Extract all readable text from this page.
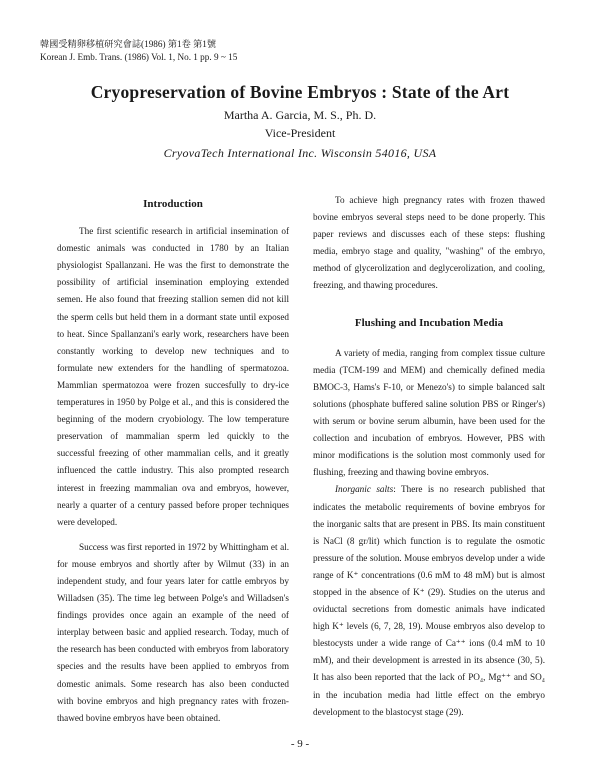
韓國受精卵移植研究會誌(1986) 第1卷 第1號
Korean J. Emb. Trans. (1986) Vol. 1, No. 1 pp. 9 ~ 15
Cryopreservation of Bovine Embryos : State of the Art
Martha A. Garcia, M. S., Ph. D.
Vice-President
CryovaTech International Inc. Wisconsin 54016, USA
Introduction

The first scientific research in artificial insemination of domestic animals was conducted in 1780 by an Italian physiologist Spallanzani. He was the first to demonstrate the possibility of artificial insemination employing extended semen. He also found that freezing stallion semen did not kill the sperm cells but held them in a dormant state until exposed to heat. Since Spallanzani's early work, researchers have been constantly working to develop new techniques and to formulate new extenders for the handling of spermatozoa. Mammlian spermatozoa were frozen succesfully to dry-ice temperatures in 1950 by Polge et al., and this is considered the beginning of the modern cryobiology. The low temperature preservation of mammalian sperm led quickly to the successful freezing of other mammalian cells, and it greatly influenced the cattle industry. This also prompted research interest in freezing mammalian ova and embryos, however, nearly a quarter of a century passed before proper techniques were developed.

Success was first reported in 1972 by Whittingham et al. for mouse embryos and shortly after by Wilmut (33) in an independent study, and four years later for cattle embryos by Willadsen (35). The time leg between Polge's and Willadsen's findings provides once again an example of the need of interplay between basic and applied research. Today, much of the research has been conducted with embryos from laboratory species and the results have been applied to embryos from domestic animals. Some research has also been conducted with bovine embryos and high pregnancy rates with frozen-thawed bovine embryos have been obtained.

To achieve high pregnancy rates with frozen thawed bovine embryos several steps need to be done properly. This paper reviews and discusses each of these steps: flushing media, embryo stage and quality, "washing" of the embryo, method of glycerolization and deglycerolization, and cooling, freezing, and thawing procedures.

Flushing and Incubation Media

A variety of media, ranging from complex tissue culture media (TCM-199 and MEM) and chemically defined media BMOC-3, Hams's F-10, or Menezo's) to simple balanced salt solutions (phosphate buffered saline solution PBS or Ringer's) with serum or bovine serum albumin, have been used for the collection and incubation of embryos. However, PBS with minor modifications is the solution most commonly used for flushing, freezing and thawing bovine embryos.

Inorganic salts: There is no research published that indicates the metabolic requirements of bovine embryos for the inorganic salts that are present in PBS. Its main constituent is NaCl (8 gr/lit) which function is to regulate the osmotic pressure of the solution. Mouse embryos develop under a wide range of K⁺ concentrations (0.6 mM to 48 mM) but is almost stopped in the absence of K⁺ (29). Studies on the uterus and oviductal secretions from domestic animals have indicated high K⁺ levels (6, 7, 28, 19). Mouse embryos also develop to blestocysts under a wide range of Ca⁺⁺ ions (0.4 mM to 10 mM), and their development is arrested in its absence (30, 5). It has also been reported that the lack of PO₄, Mg⁺⁺ and SO₄ in the incubation media had little effect on the embryo development to the blastocyst stage (29).

- 9 -
